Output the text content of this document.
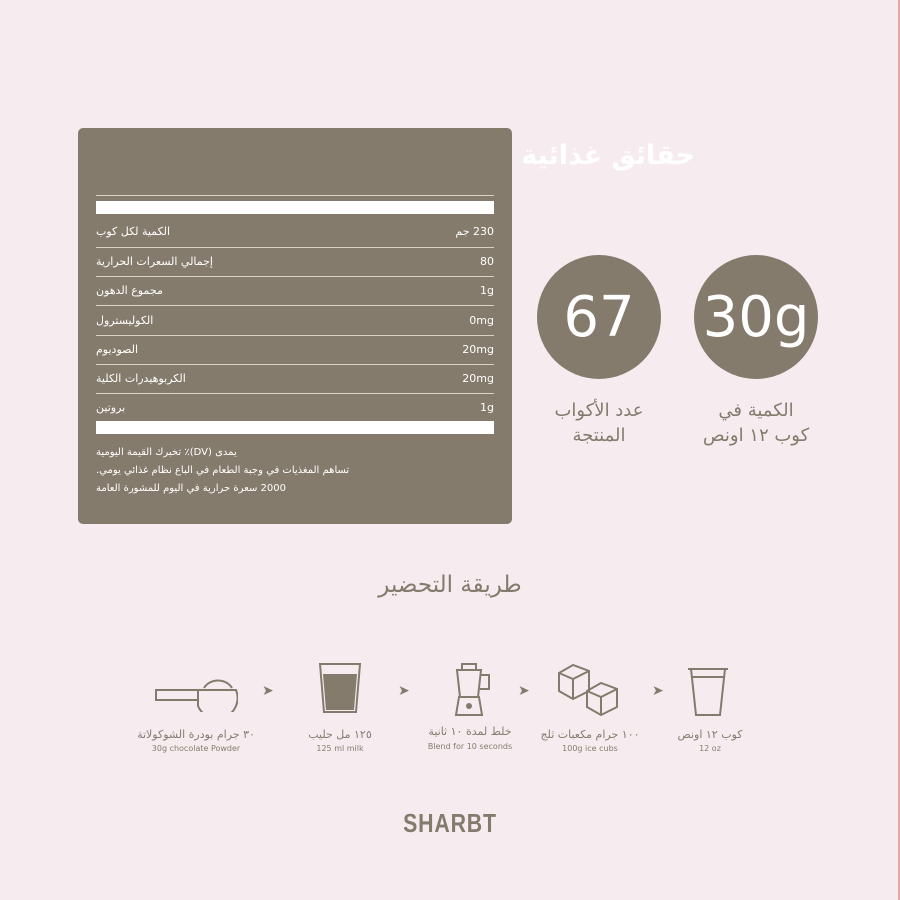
حقائق غذائية
الكمية لكل كوب	230 جم
إجمالي السعرات الحرارية	80
مجموع الدهون	1g
الكوليسترول	0mg
الصوديوم	20mg
الكربوهيدرات الكلية	20mg
بروتين	1g
يمدى (DV)٪ تخبرك القيمة اليومية
تساهم المغذيات في وجبة الطعام في الباع نظام غذائي يومي.
2000 سعرة حرارية في اليوم للمشورة العامة
67
عدد الأكواب
المنتجة
30g
الكمية في
كوب ١٢ اونص
طريقة التحضير
➤	➤	➤	➤
٣٠ جرام بودرة الشوكولاتة
30g chocolate Powder
١٢٥ مل حليب
125 ml milk
خلط لمدة ١٠ ثانية
Blend for 10 seconds
١٠٠ جرام مكعبات ثلج
100g ice cubs
كوب ١٢ اونص
12 oz
SHARBT
